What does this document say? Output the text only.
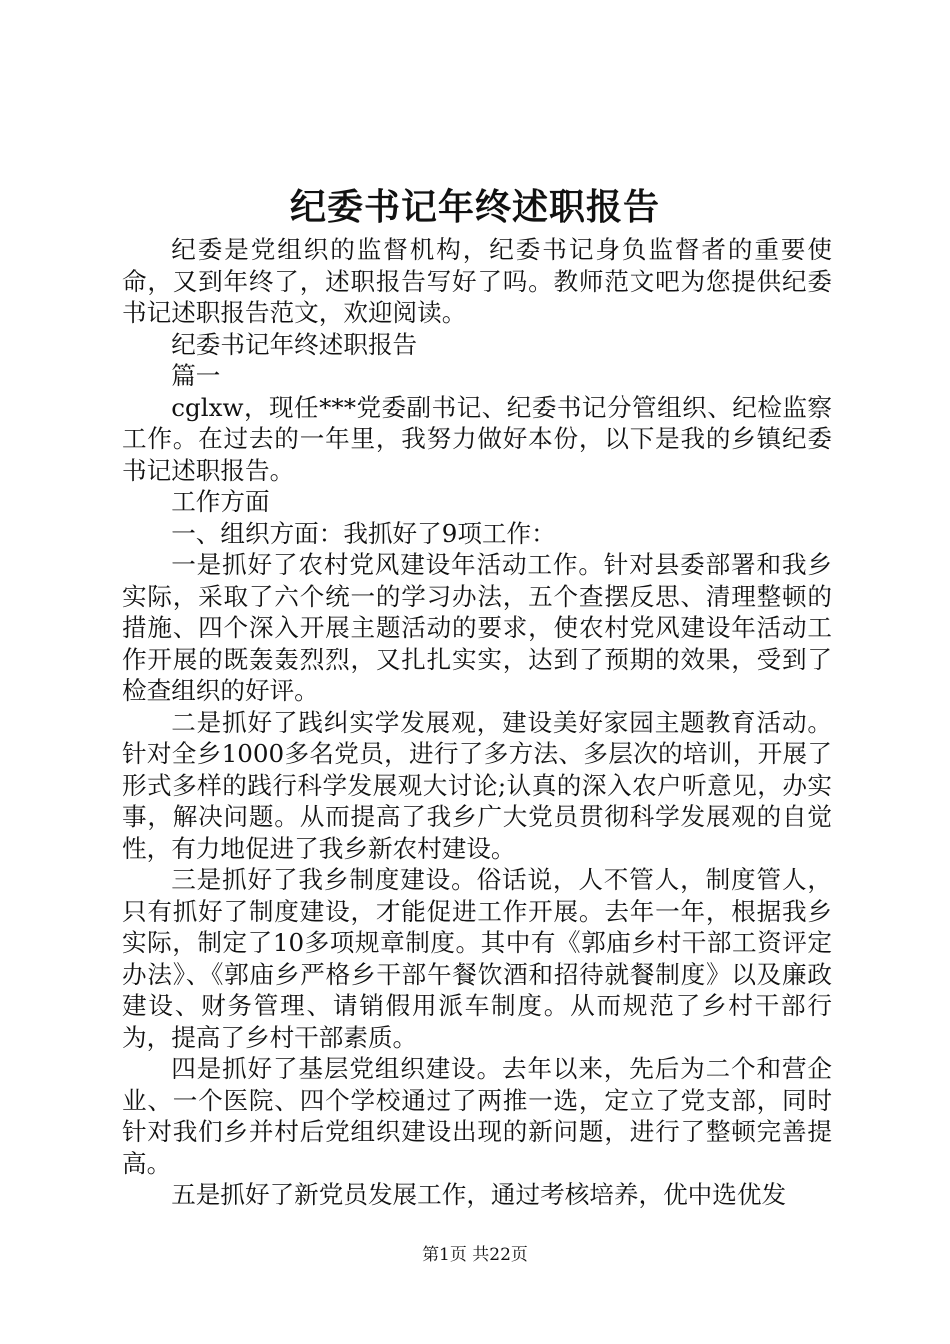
纪委书记年终述职报告

纪委是党组织的监督机构，纪委书记身负监督者的重要使命，又到年终了，述职报告写好了吗。教师范文吧为您提供纪委书记述职报告范文，欢迎阅读。

纪委书记年终述职报告

篇一

cglxw，现任***党委副书记、纪委书记分管组织、纪检监察工作。在过去的一年里，我努力做好本份，以下是我的乡镇纪委书记述职报告。

工作方面

一、组织方面：我抓好了9项工作：

一是抓好了农村党风建设年活动工作。针对县委部署和我乡实际，采取了六个统一的学习办法，五个查摆反思、清理整顿的措施、四个深入开展主题活动的要求，使农村党风建设年活动工作开展的既轰轰烈烈，又扎扎实实，达到了预期的效果，受到了检查组织的好评。

二是抓好了践纠实学发展观，建设美好家园主题教育活动。针对全乡1000多名党员，进行了多方法、多层次的培训，开展了形式多样的践行科学发展观大讨论;认真的深入农户听意见，办实事，解决问题。从而提高了我乡广大党员贯彻科学发展观的自觉性，有力地促进了我乡新农村建设。

三是抓好了我乡制度建设。俗话说，人不管人，制度管人，只有抓好了制度建设，才能促进工作开展。去年一年，根据我乡实际，制定了10多项规章制度。其中有《郭庙乡村干部工资评定办法》、《郭庙乡严格乡干部午餐饮酒和招待就餐制度》以及廉政建设、财务管理、请销假用派车制度。从而规范了乡村干部行为，提高了乡村干部素质。

四是抓好了基层党组织建设。去年以来，先后为二个和营企业、一个医院、四个学校通过了两推一选，定立了党支部，同时针对我们乡并村后党组织建设出现的新问题，进行了整顿完善提高。

五是抓好了新党员发展工作，通过考核培养，优中选优发

第1页 共22页
